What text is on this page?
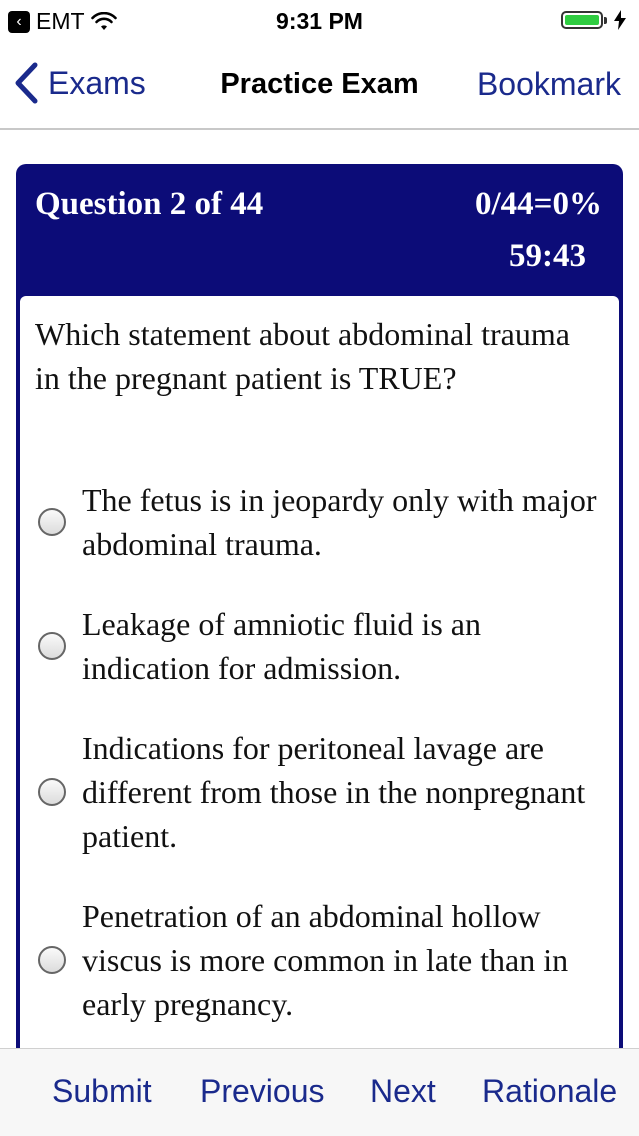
‹ EMT	9:31 PM
Exams	Practice Exam	Bookmark
Question 2 of 44	0/44=0%
59:43
Which statement about abdominal trauma in the pregnant patient is TRUE?
The fetus is in jeopardy only with major abdominal trauma.
Leakage of amniotic fluid is an indication for admission.
Indications for peritoneal lavage are different from those in the nonpregnant patient.
Penetration of an abdominal hollow viscus is more common in late than in early pregnancy.
Submit Previous Next Rationale
